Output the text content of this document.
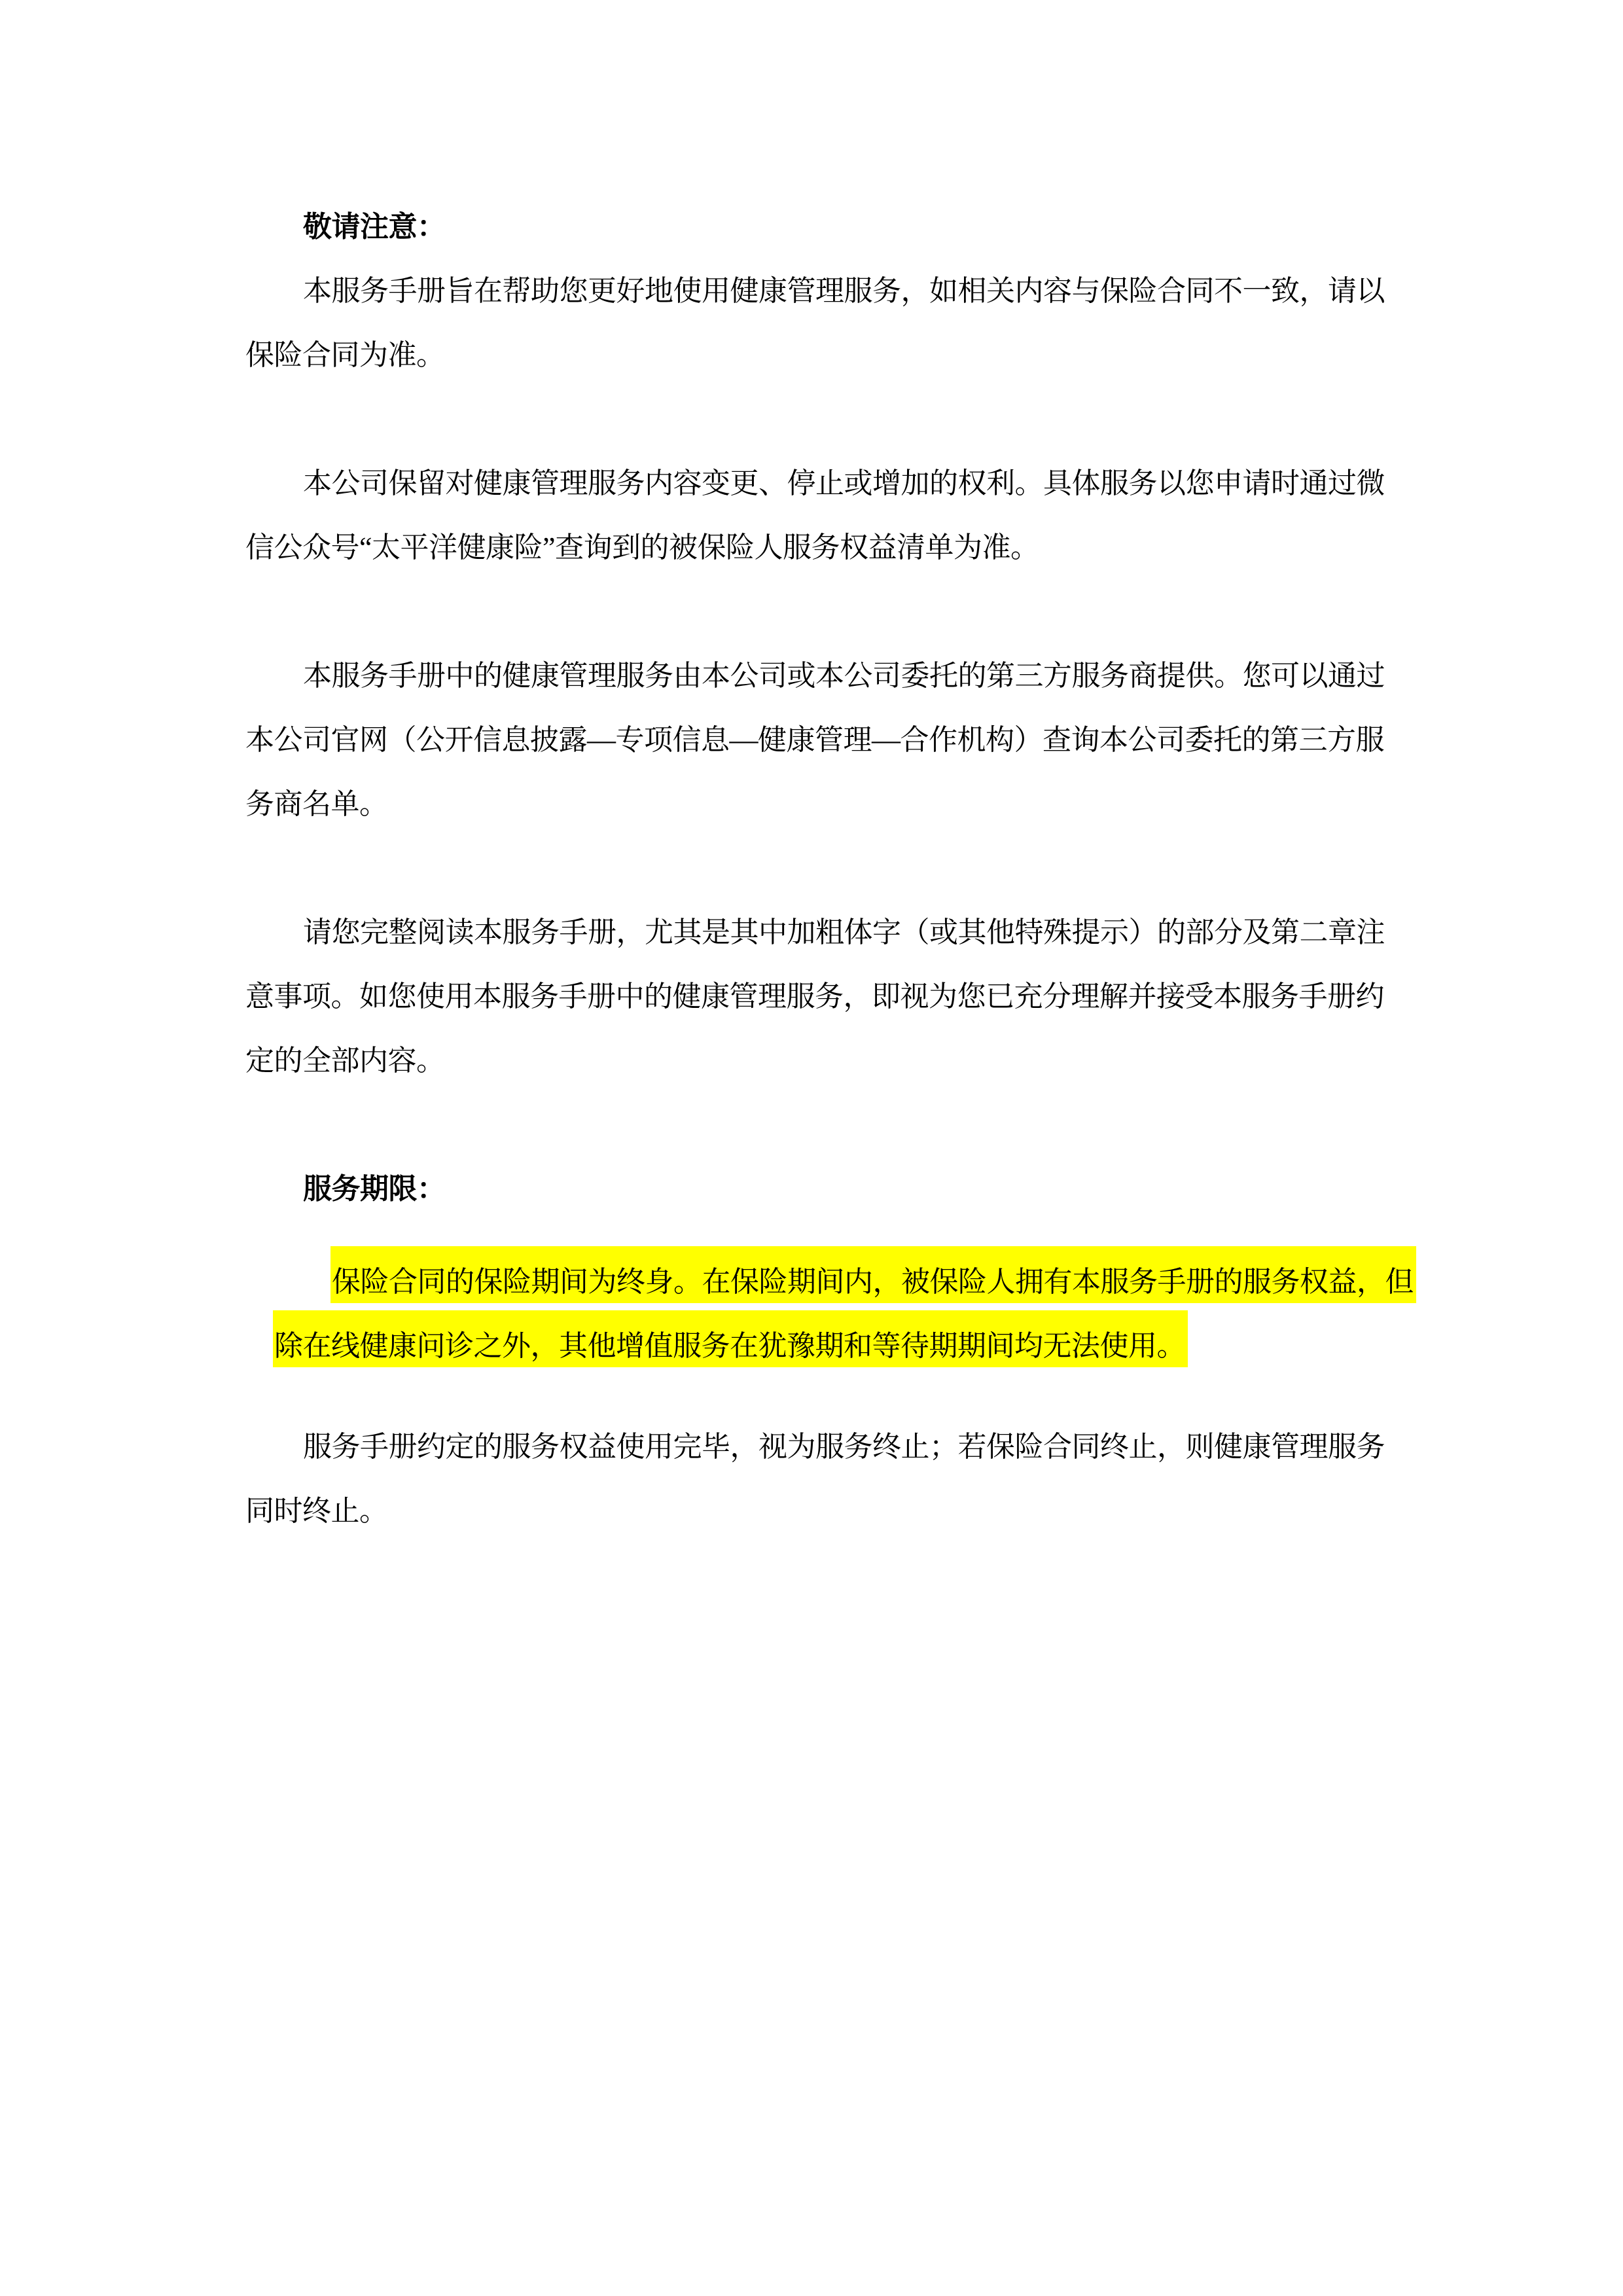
敬请注意：
本服务手册旨在帮助您更好地使用健康管理服务，如相关内容与保险合同不一致，请以
保险合同为准。
本公司保留对健康管理服务内容变更、停止或增加的权利。具体服务以您申请时通过微
信公众号“太平洋健康险”查询到的被保险人服务权益清单为准。
本服务手册中的健康管理服务由本公司或本公司委托的第三方服务商提供。您可以通过
本公司官网（公开信息披露—专项信息—健康管理—合作机构）查询本公司委托的第三方服
务商名单。
请您完整阅读本服务手册，尤其是其中加粗体字（或其他特殊提示）的部分及第二章注
意事项。如您使用本服务手册中的健康管理服务，即视为您已充分理解并接受本服务手册约
定的全部内容。
服务期限：

保险合同的保险期间为终身。在保险期间内，被保险人拥有本服务手册的服务权益，但

除在线健康问诊之外，其他增值服务在犹豫期和等待期期间均无法使用。

服务手册约定的服务权益使用完毕，视为服务终止；若保险合同终止，则健康管理服务
同时终止。
